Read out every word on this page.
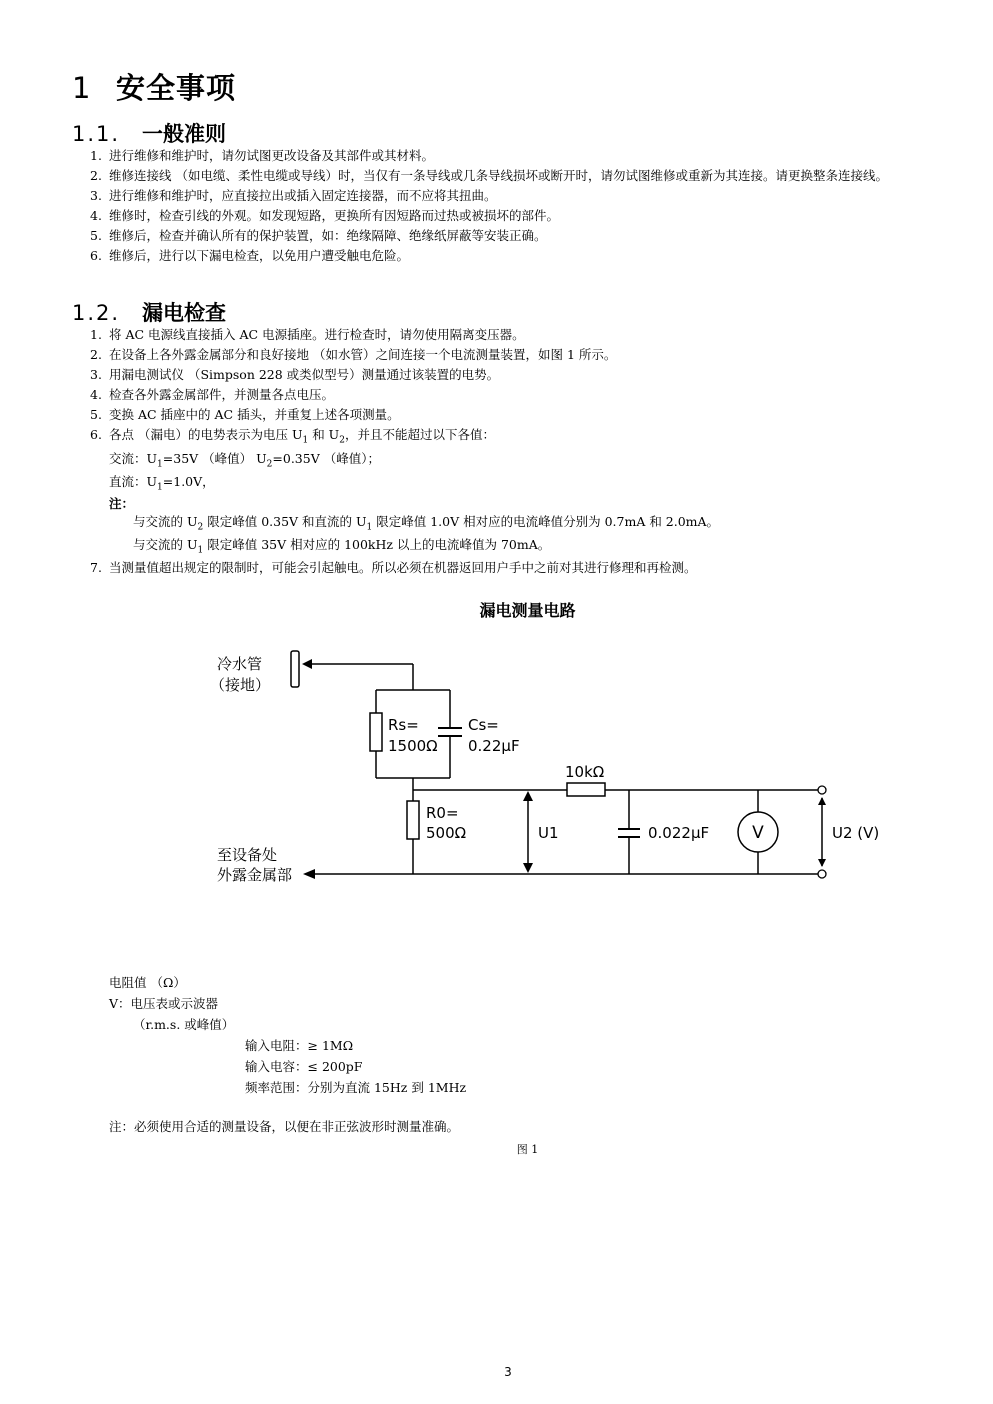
1 安全事项
1.1. 一般准则
1. 进行维修和维护时，请勿试图更改设备及其部件或其材料。
2. 维修连接线 （如电缆、柔性电缆或导线）时，当仅有一条导线或几条导线损坏或断开时，请勿试图维修或重新为其连接。请更换整条连接线。
3. 进行维修和维护时，应直接拉出或插入固定连接器，而不应将其扭曲。
4. 维修时，检查引线的外观。如发现短路，更换所有因短路而过热或被损坏的部件。
5. 维修后，检查并确认所有的保护装置，如：绝缘隔障、绝缘纸屏蔽等安装正确。
6. 维修后，进行以下漏电检查，以免用户遭受触电危险。
1.2. 漏电检查
1. 将 AC 电源线直接插入 AC 电源插座。进行检查时，请勿使用隔离变压器。
2. 在设备上各外露金属部分和良好接地 （如水管）之间连接一个电流测量装置，如图 1 所示。
3. 用漏电测试仪 （Simpson 228 或类似型号）测量通过该装置的电势。
4. 检查各外露金属部件，并测量各点电压。
5. 变换 AC 插座中的 AC 插头，并重复上述各项测量。
6. 各点 （漏电）的电势表示为电压 $U_1$ 和 $U_2$，并且不能超过以下各值：
交流：$U_1=35V$ （峰值） $U_2=0.35V$ （峰值）；
直流：$U_1=1.0V$，
注：
与交流的 $U_2$ 限定峰值 0.35V 和直流的 $U_1$ 限定峰值 1.0V 相对应的电流峰值分别为 0.7mA 和 2.0mA。
与交流的 $U_1$ 限定峰值 35V 相对应的 100kHz 以上的电流峰值为 70mA。
7. 当测量值超出规定的限制时，可能会引起触电。所以必须在机器返回用户手中之前对其进行修理和再检测。
漏电测量电路
冷水管
（接地）
Rs=
1500Ω
Cs=
0.22μF
10kΩ
R0=
500Ω	U1	0.022μF	V	U2 (V)
至设备处
外露金属部
电阻值 （Ω）
V：电压表或示波器
（r.m.s. 或峰值）
输入电阻：≥ 1MΩ
输入电容：≤ 200pF
频率范围：分别为直流 15Hz 到 1MHz
注：必须使用合适的测量设备，以便在非正弦波形时测量准确。
图 1
3
